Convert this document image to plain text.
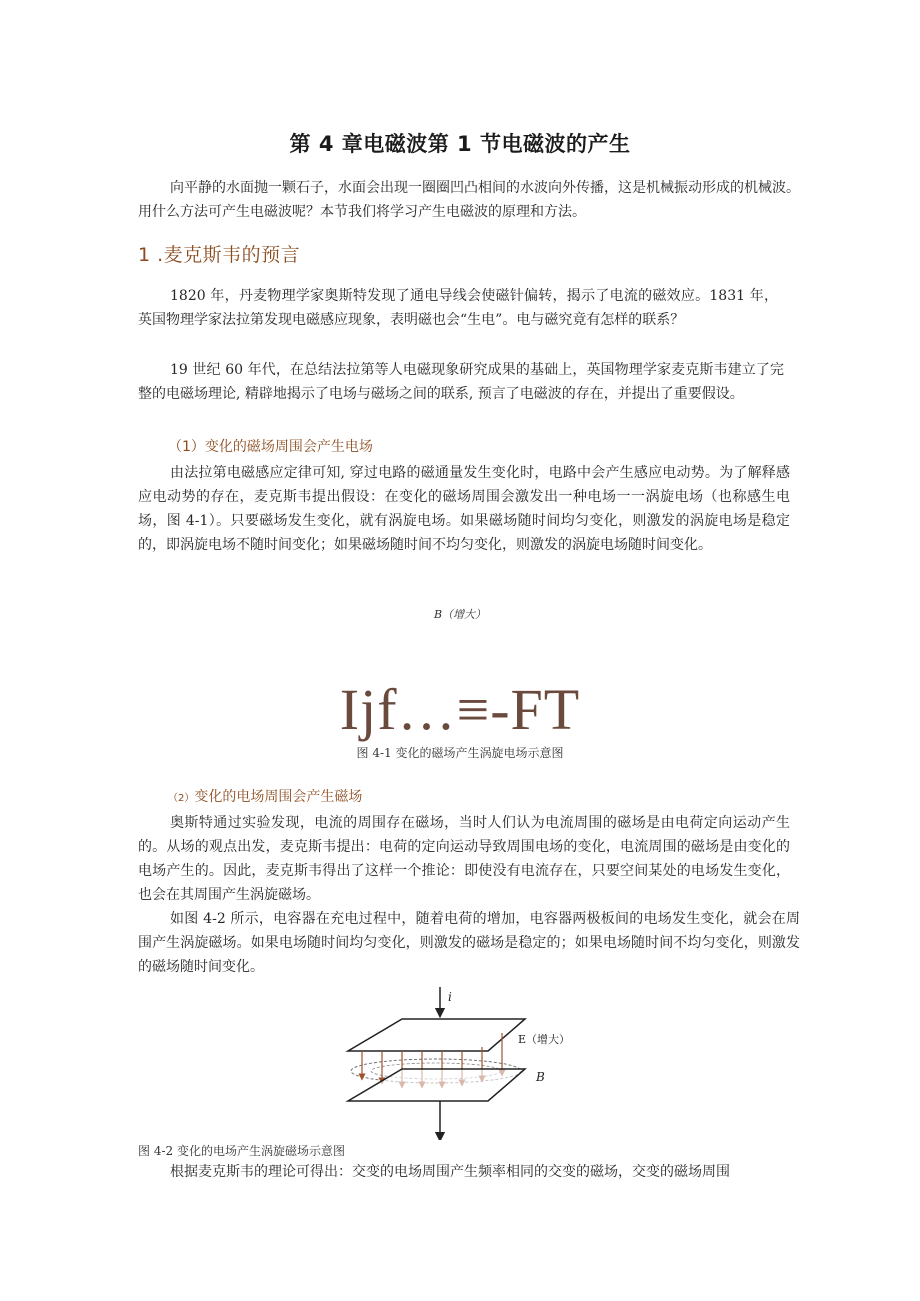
第 4 章电磁波第 1 节电磁波的产生

向平静的水面抛一颗石子，水面会出现一圈圈凹凸相间的水波向外传播，这是机械振动形成的机械波。用什么方法可产生电磁波呢？本节我们将学习产生电磁波的原理和方法。

1 .麦克斯韦的预言

1820 年，丹麦物理学家奥斯特发现了通电导线会使磁针偏转，揭示了电流的磁效应。1831 年，英国物理学家法拉第发现电磁感应现象，表明磁也会“生电”。电与磁究竟有怎样的联系？

19 世纪 60 年代，在总结法拉第等人电磁现象研究成果的基础上，英国物理学家麦克斯韦建立了完整的电磁场理论, 精辟地揭示了电场与磁场之间的联系, 预言了电磁波的存在，并提出了重要假设。

（1）变化的磁场周围会产生电场

由法拉第电磁感应定律可知, 穿过电路的磁通量发生变化时，电路中会产生感应电动势。为了解释感应电动势的存在，麦克斯韦提出假设：在变化的磁场周围会激发出一种电场一一涡旋电场（也称感生电场，图 4-1）。只要磁场发生变化，就有涡旋电场。如果磁场随时间均匀变化，则激发的涡旋电场是稳定的，即涡旋电场不随时间变化；如果磁场随时间不均匀变化，则激发的涡旋电场随时间变化。

B（增大）
Ijf…≡-FT
图 4-1 变化的磁场产生涡旋电场示意图
（2）变化的电场周围会产生磁场

奥斯特通过实验发现，电流的周围存在磁场，当时人们认为电流周围的磁场是由电荷定向运动产生的。从场的观点出发，麦克斯韦提出：电荷的定向运动导致周围电场的变化，电流周围的磁场是由变化的电场产生的。因此，麦克斯韦得出了这样一个推论：即使没有电流存在，只要空间某处的电场发生变化，也会在其周围产生涡旋磁场。

如图 4-2 所示，电容器在充电过程中，随着电荷的增加，电容器两极板间的电场发生变化，就会在周围产生涡旋磁场。如果电场随时间均匀变化，则激发的磁场是稳定的；如果电场随时间不均匀变化，则激发的磁场随时间变化。

i
E（增大）
B
图 4-2 变化的电场产生涡旋磁场示意图

根据麦克斯韦的理论可得出：交变的电场周围产生频率相同的交变的磁场，交变的磁场周围
